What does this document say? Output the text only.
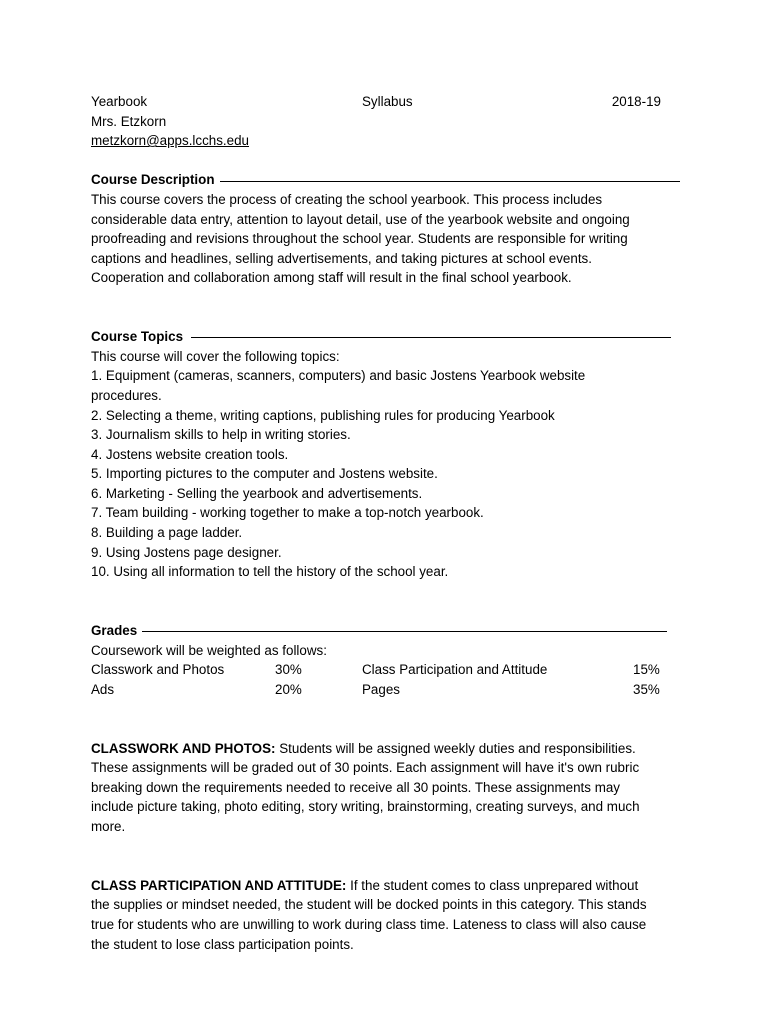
Yearbook	Syllabus	2018-19
Mrs. Etzkorn
metzkorn@apps.lcchs.edu
Course Description
This course covers the process of creating the school yearbook. This process includes
considerable data entry, attention to layout detail, use of the yearbook website and ongoing
proofreading and revisions throughout the school year. Students are responsible for writing
captions and headlines, selling advertisements, and taking pictures at school events.
Cooperation and collaboration among staff will result in the final school yearbook.
Course Topics
This course will cover the following topics:
1. Equipment (cameras, scanners, computers) and basic Jostens Yearbook website
procedures.
2. Selecting a theme, writing captions, publishing rules for producing Yearbook
3. Journalism skills to help in writing stories.
4. Jostens website creation tools.
5. Importing pictures to the computer and Jostens website.
6. Marketing - Selling the yearbook and advertisements.
7. Team building - working together to make a top-notch yearbook.
8. Building a page ladder.
9. Using Jostens page designer.
10. Using all information to tell the history of the school year.
Grades
Coursework will be weighted as follows:
Classwork and Photos	30%	Class Participation and Attitude	15%
Ads	20%	Pages	35%
CLASSWORK AND PHOTOS: Students will be assigned weekly duties and responsibilities.
These assignments will be graded out of 30 points. Each assignment will have it's own rubric
breaking down the requirements needed to receive all 30 points. These assignments may
include picture taking, photo editing, story writing, brainstorming, creating surveys, and much
more.
CLASS PARTICIPATION AND ATTITUDE: If the student comes to class unprepared without
the supplies or mindset needed, the student will be docked points in this category. This stands
true for students who are unwilling to work during class time. Lateness to class will also cause
the student to lose class participation points.
